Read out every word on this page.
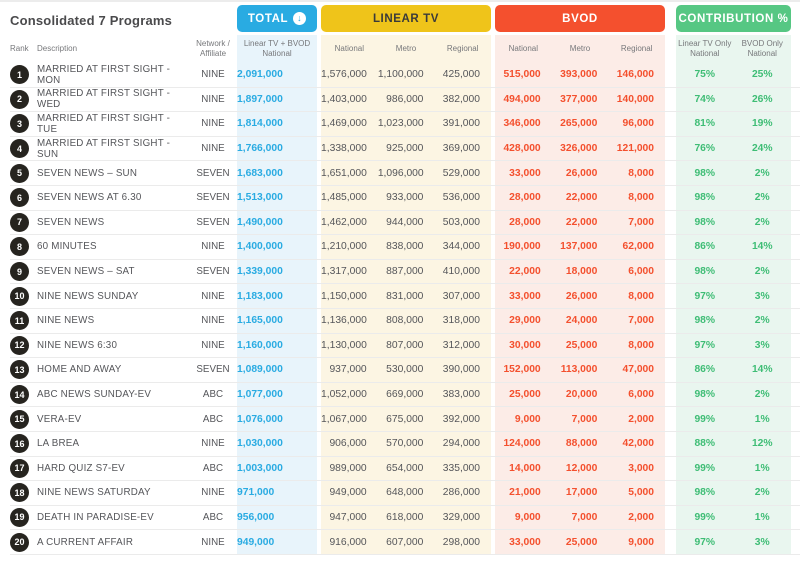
Consolidated 7 Programs	TOTAL ↓	LINEAR TV	BVOD	CONTRIBUTION %
Rank	Description
Network / Affiliate
Linear TV + BVOD National
National	Metro	Regional	National	Metro	Regional
Linear TV Only National
BVOD Only National
1	MARRIED AT FIRST SIGHT -MON	NINE	2,091,000	1,576,000	1,100,000	425,000	515,000	393,000	146,000	75%	25%
2	MARRIED AT FIRST SIGHT -WED	NINE	1,897,000	1,403,000	986,000	382,000	494,000	377,000	140,000	74%	26%
3	MARRIED AT FIRST SIGHT -TUE	NINE	1,814,000	1,469,000	1,023,000	391,000	346,000	265,000	96,000	81%	19%
4	MARRIED AT FIRST SIGHT -SUN	NINE	1,766,000	1,338,000	925,000	369,000	428,000	326,000	121,000	76%	24%
5	SEVEN NEWS – SUN	SEVEN 1,683,000	1,651,000	1,096,000	529,000	33,000	26,000	8,000	98%	2%
6	SEVEN NEWS AT 6.30	SEVEN 1,513,000	1,485,000	933,000	536,000	28,000	22,000	8,000	98%	2%
7	SEVEN NEWS	SEVEN 1,490,000	1,462,000	944,000	503,000	28,000	22,000	7,000	98%	2%
8	60 MINUTES	NINE	1,400,000	1,210,000	838,000	344,000	190,000	137,000	62,000	86%	14%
9	SEVEN NEWS – SAT	SEVEN 1,339,000	1,317,000	887,000	410,000	22,000	18,000	6,000	98%	2%
10	NINE NEWS SUNDAY	NINE	1,183,000	1,150,000	831,000	307,000	33,000	26,000	8,000	97%	3%
11	NINE NEWS	NINE	1,165,000	1,136,000	808,000	318,000	29,000	24,000	7,000	98%	2%
12	NINE NEWS 6:30	NINE	1,160,000	1,130,000	807,000	312,000	30,000	25,000	8,000	97%	3%
13	HOME AND AWAY	SEVEN 1,089,000	937,000	530,000	390,000	152,000	113,000	47,000	86%	14%
14	ABC NEWS SUNDAY-EV	ABC	1,077,000	1,052,000	669,000	383,000	25,000	20,000	6,000	98%	2%
15	VERA-EV	ABC	1,076,000	1,067,000	675,000	392,000	9,000	7,000	2,000	99%	1%
16	LA BREA	NINE	1,030,000	906,000	570,000	294,000	124,000	88,000	42,000	88%	12%
17	HARD QUIZ S7-EV	ABC	1,003,000	989,000	654,000	335,000	14,000	12,000	3,000	99%	1%
18	NINE NEWS SATURDAY	NINE	971,000	949,000	648,000	286,000	21,000	17,000	5,000	98%	2%
19	DEATH IN PARADISE-EV	ABC	956,000	947,000	618,000	329,000	9,000	7,000	2,000	99%	1%
20	A CURRENT AFFAIR	NINE	949,000	916,000	607,000	298,000	33,000	25,000	9,000	97%	3%
